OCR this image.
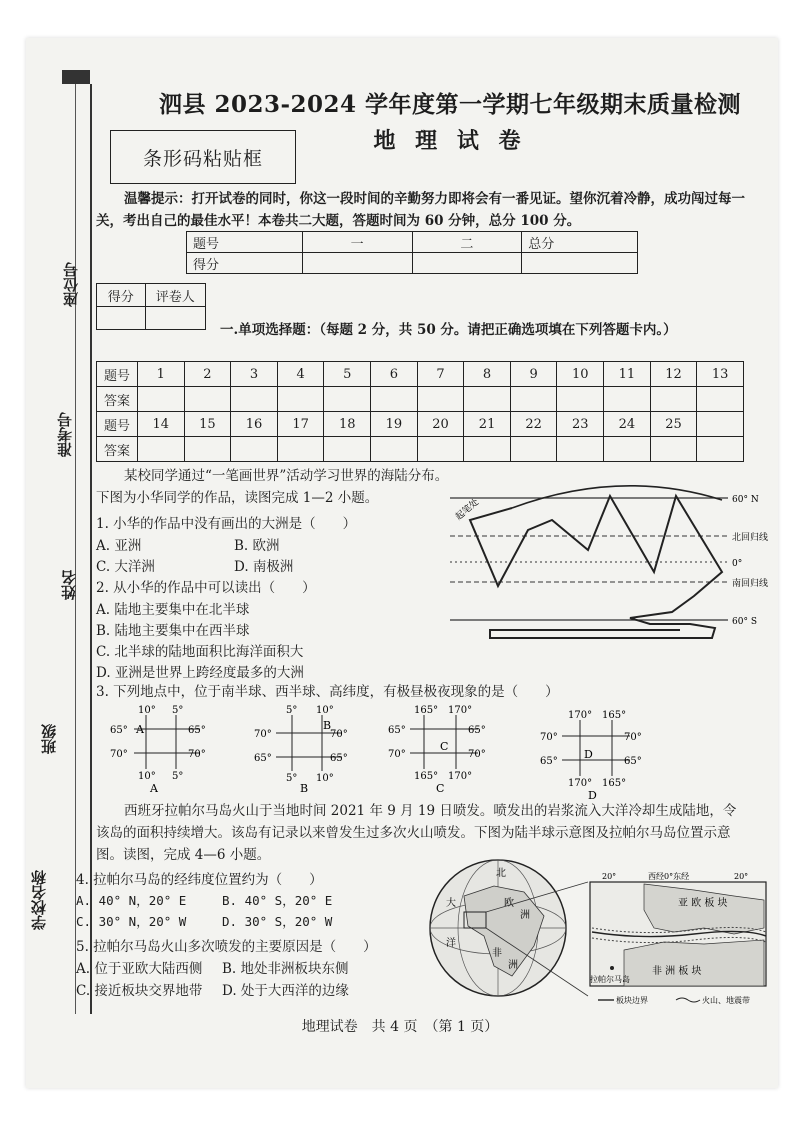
座位号
准考号
姓名
班级
学校名称
泗县 2023-2024 学年度第一学期七年级期末质量检测
地 理 试 卷
条形码粘贴框
温馨提示：打开试卷的同时，你这一段时间的辛勤努力即将会有一番见证。望你沉着冷静，成功闯过每一关，考出自己的最佳水平！本卷共二大题，答题时间为 60 分钟，总分 100 分。
题号	一	二	总分
得分			
得分	评卷人

一.单项选择题：（每题 2 分，共 50 分。请把正确选项填在下列答题卡内。）
题号	1	2	3	4	5	6	7	8	9	10	11	12	13
答案													
题号	14	15	16	17	18	19	20	21	22	23	24	25	
答案													
某校同学通过“一笔画世界”活动学习世界的海陆分布。下图为小华同学的作品，读图完成 1—2 小题。
1. 小华的作品中没有画出的大洲是（　　）
A. 亚洲	B. 欧洲
C. 大洋洲	D. 南极洲
2. 从小华的作品中可以读出（　　）
A. 陆地主要集中在北半球
B. 陆地主要集中在西半球
C. 北半球的陆地面积比海洋面积大
D. 亚洲是世界上跨经度最多的大洲
60° N
北回归线
0°
南回归线
60° S
起笔处
3. 下列地点中，位于南半球、西半球、高纬度，有极昼极夜现象的是（　　）
10° 5°
10° 5°
65°
70°
65°
70°
A
A
5° 10°
5° 10°
70°
65°
70°
65°
B
B
165° 170°
165° 170°
65°
70°
65°
70°
C
C
170° 165°
170° 165°
70°
65°
70°
65°
D
D
西班牙拉帕尔马岛火山于当地时间 2021 年 9 月 19 日喷发。喷发出的岩浆流入大洋冷却生成陆地，令该岛的面积持续增大。该岛有记录以来曾发生过多次火山喷发。下图为陆半球示意图及拉帕尔马岛位置示意图。读图，完成 4—6 小题。
4. 拉帕尔马岛的经纬度位置约为（　　）
A. 40° N，20° E	B. 40° S，20° E
C. 30° N，20° W	D. 30° S，20° W
5. 拉帕尔马岛火山多次喷发的主要原因是（　　）
A. 位于亚欧大陆西侧 B. 地处非洲板块东侧
C. 接近板块交界地带 D. 处于大西洋的边缘
大
洋
欧
洲
北
非
洲
20°	西经0°东经	20°
亚 欧 板 块
非 洲 板 块
拉帕尔马岛
板块边界	火山、地震带
地理试卷　共 4 页　（第 1 页）
